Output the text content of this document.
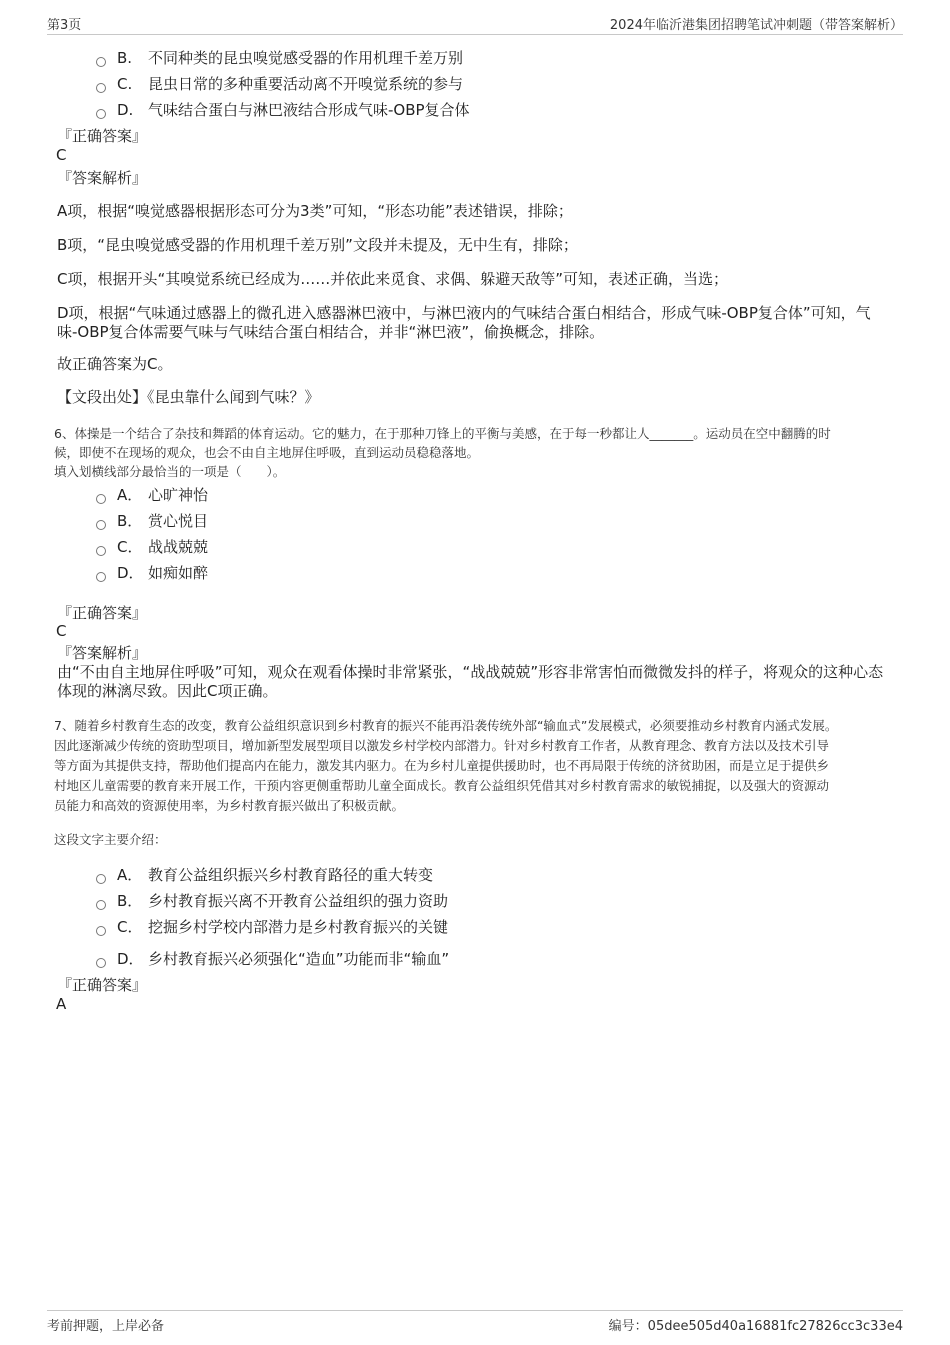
第3页	2024年临沂港集团招聘笔试冲刺题（带答案解析）
B. 不同种类的昆虫嗅觉感受器的作用机理千差万别
C. 昆虫日常的多种重要活动离不开嗅觉系统的参与
D. 气味结合蛋白与淋巴液结合形成气味-OBP复合体
『正确答案』
C
『答案解析』
A项，根据“嗅觉感器根据形态可分为3类”可知，“形态功能”表述错误，排除；
B项，“昆虫嗅觉感受器的作用机理千差万别”文段并未提及，无中生有，排除；
C项，根据开头“其嗅觉系统已经成为……并依此来觅食、求偶、躲避天敌等”可知，表述正确，当选；
D项，根据“气味通过感器上的微孔进入感器淋巴液中，与淋巴液内的气味结合蛋白相结合，形成气味-OBP复合体”可知，气
味-OBP复合体需要气味与气味结合蛋白相结合，并非“淋巴液”，偷换概念，排除。
故正确答案为C。
【文段出处】《昆虫靠什么闻到气味？》
6、体操是一个结合了杂技和舞蹈的体育运动。它的魅力，在于那种刀锋上的平衡与美感，在于每一秒都让人_______。运动员在空中翻腾的时
候，即使不在现场的观众，也会不由自主地屏住呼吸，直到运动员稳稳落地。
填入划横线部分最恰当的一项是（　　）。
A． 心旷神怡
B． 赏心悦目
C． 战战兢兢
D． 如痴如醉
『正确答案』
C
『答案解析』
由“不由自主地屏住呼吸”可知，观众在观看体操时非常紧张，“战战兢兢”形容非常害怕而微微发抖的样子，将观众的这种心态
体现的淋漓尽致。因此C项正确。
7、随着乡村教育生态的改变，教育公益组织意识到乡村教育的振兴不能再沿袭传统外部“输血式”发展模式，必须要推动乡村教育内涵式发展。
因此逐渐减少传统的资助型项目，增加新型发展型项目以激发乡村学校内部潜力。针对乡村教育工作者，从教育理念、教育方法以及技术引导
等方面为其提供支持，帮助他们提高内在能力，激发其内驱力。在为乡村儿童提供援助时，也不再局限于传统的济贫助困，而是立足于提供乡
村地区儿童需要的教育来开展工作，干预内容更侧重帮助儿童全面成长。教育公益组织凭借其对乡村教育需求的敏锐捕捉，以及强大的资源动
员能力和高效的资源使用率，为乡村教育振兴做出了积极贡献。
这段文字主要介绍：
A． 教育公益组织振兴乡村教育路径的重大转变
B． 乡村教育振兴离不开教育公益组织的强力资助
C． 挖掘乡村学校内部潜力是乡村教育振兴的关键
D． 乡村教育振兴必须强化“造血”功能而非“输血”
『正确答案』
A
考前押题，上岸必备	编号：05dee505d40a16881fc27826cc3c33e4
